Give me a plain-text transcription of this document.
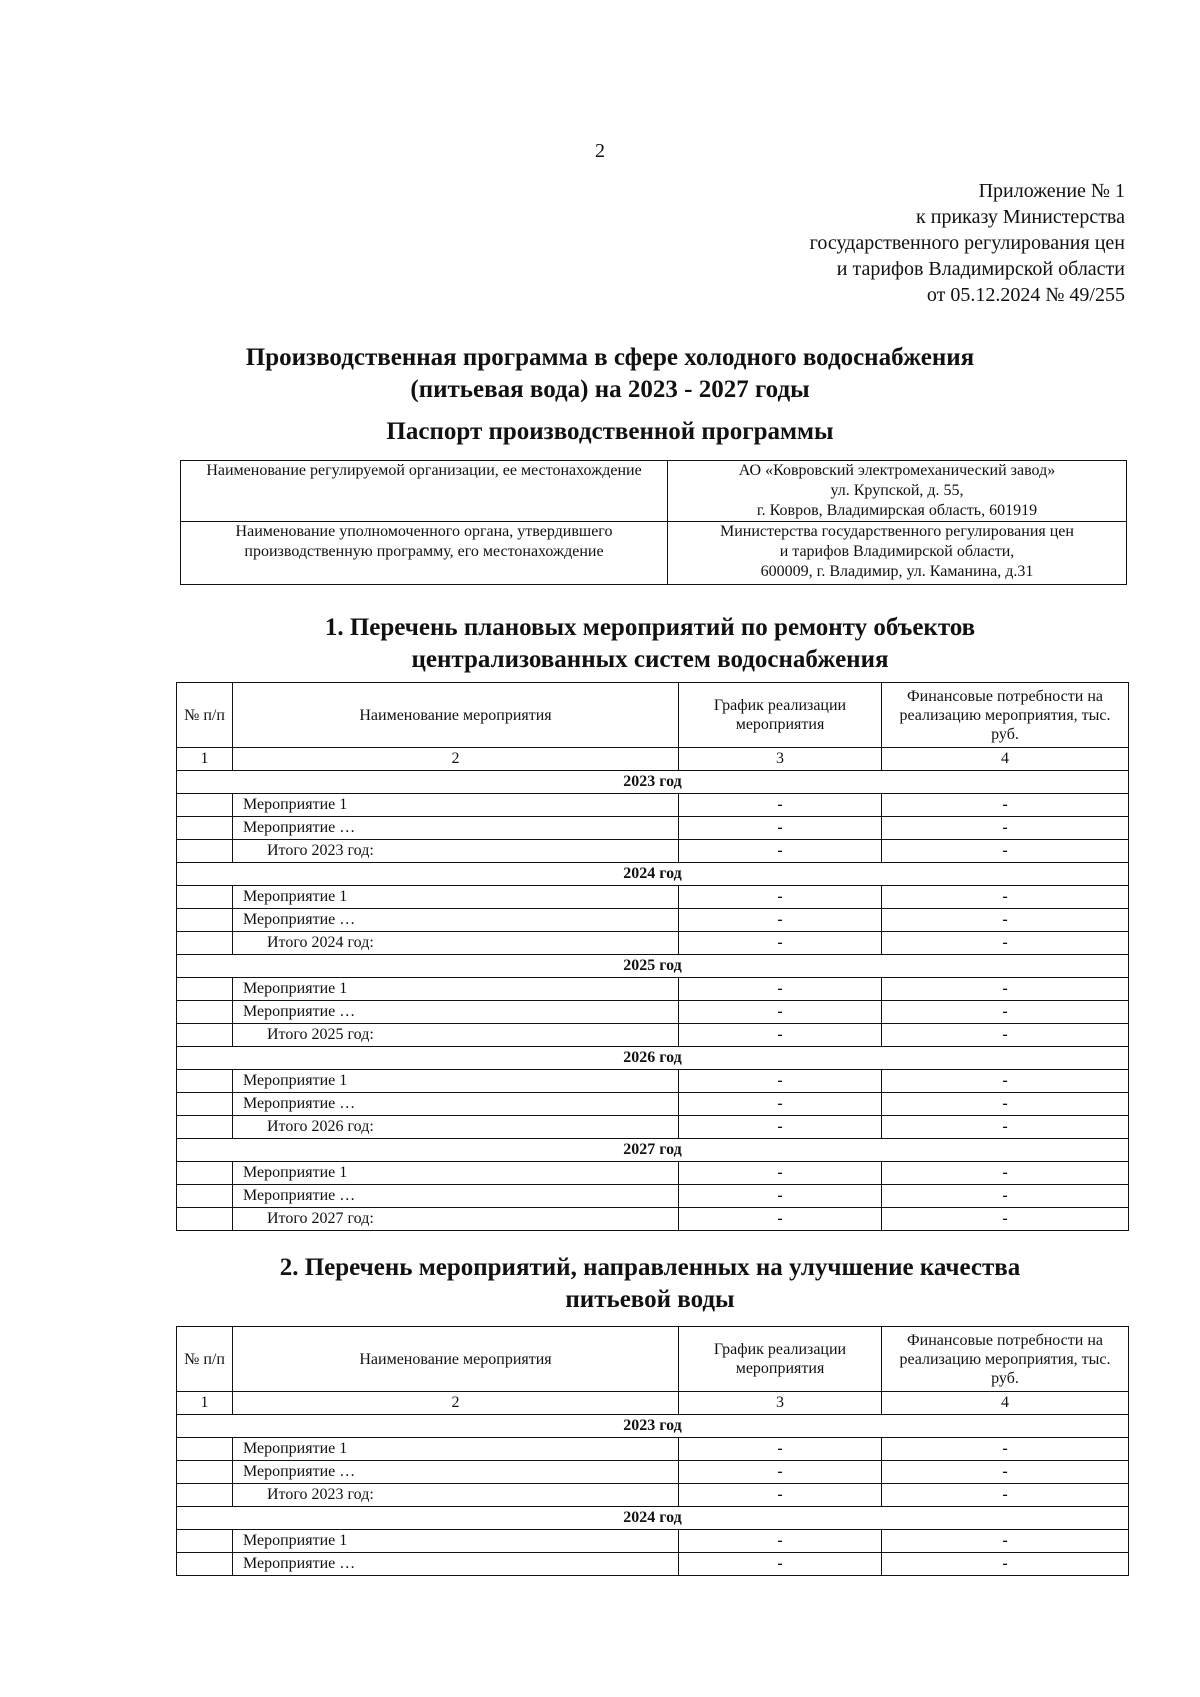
2
Приложение № 1
к приказу Министерства
государственного регулирования цен
и тарифов Владимирской области
от 05.12.2024 № 49/255
Производственная программа в сфере холодного водоснабжения
(питьевая вода) на 2023 - 2027 годы
Паспорт производственной программы
Наименование регулируемой организации, ее местонахождение	АО «Ковровский электромеханический завод»
ул. Крупской, д. 55,
г. Ковров, Владимирская область, 601919

Наименование уполномоченного органа, утвердившего производственную программу, его местонахождение	Министерства государственного регулирования цен
и тарифов Владимирской области,
600009, г. Владимир, ул. Каманина, д.31
1. Перечень плановых мероприятий по ремонту объектов
централизованных систем водоснабжения
№ п/п	Наименование мероприятия	График реализации мероприятия	Финансовые потребности на реализацию мероприятия, тыс. руб.
1	2	3	4
2023 год			
	Мероприятие 1	-	-
	Мероприятие …	-	-
	Итого 2023 год:	-	-
2024 год			
	Мероприятие 1	-	-
	Мероприятие …	-	-
	Итого 2024 год:	-	-
2025 год			
	Мероприятие 1	-	-
	Мероприятие …	-	-
	Итого 2025 год:	-	-
2026 год			
	Мероприятие 1	-	-
	Мероприятие …	-	-
	Итого 2026 год:	-	-
2027 год			
	Мероприятие 1	-	-
	Мероприятие …	-	-
	Итого 2027 год:	-	-
2. Перечень мероприятий, направленных на улучшение качества
питьевой воды
№ п/п	Наименование мероприятия	График реализации мероприятия	Финансовые потребности на реализацию мероприятия, тыс. руб.
1	2	3	4
2023 год			
	Мероприятие 1	-	-
	Мероприятие …	-	-
	Итого 2023 год:	-	-
2024 год			
	Мероприятие 1	-	-
	Мероприятие …	-	-
